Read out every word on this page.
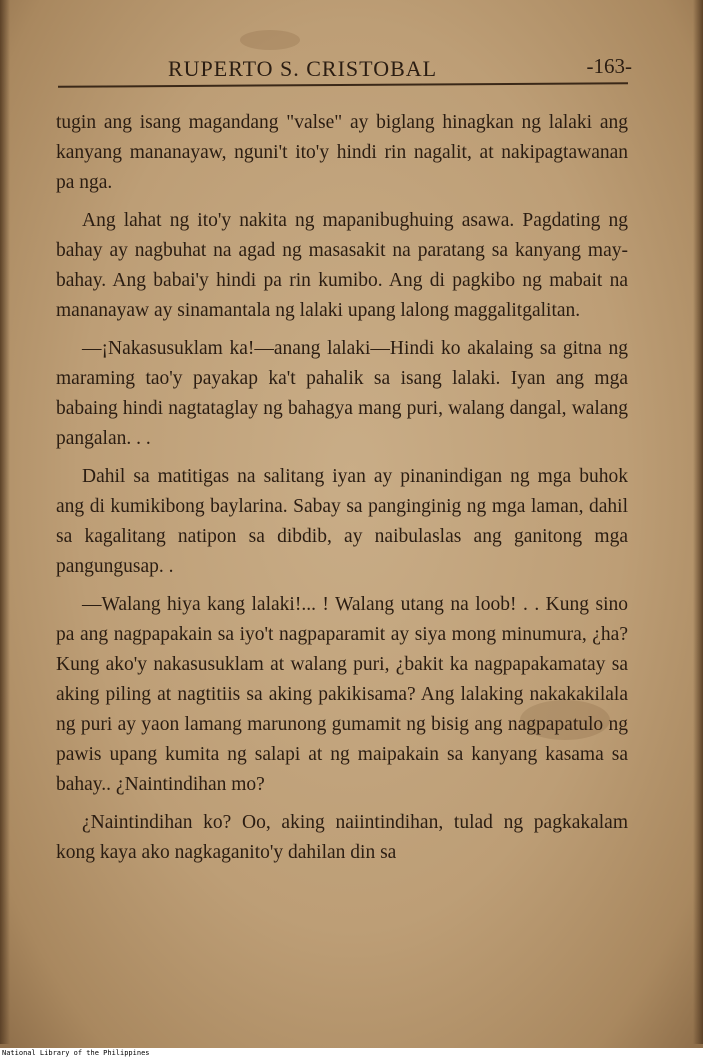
RUPERTO S. CRISTOBAL	-163-

tugin ang isang magandang "valse" ay biglang hinagkan ng lalaki ang kanyang mananayaw, nguni't ito'y hindi rin nagalit, at nakipagtawanan pa nga.

Ang lahat ng ito'y nakita ng mapanibughuing asawa. Pagdating ng bahay ay nagbuhat na agad ng masasakit na paratang sa kanyang may-bahay. Ang babai'y hindi pa rin kumibo. Ang di pagkibo ng mabait na mananayaw ay sinamantala ng lalaki upang lalong maggalitgalitan.

—¡Nakasusuklam ka!—anang lalaki—Hindi ko akalaing sa gitna ng maraming tao'y payakap ka't pahalik sa isang lalaki. Iyan ang mga babaing hindi nagtataglay ng bahagya mang puri, walang dangal, walang pangalan. . .

Dahil sa matitigas na salitang iyan ay pinanindigan ng mga buhok ang di kumikibong baylarina. Sabay sa panginginig ng mga laman, dahil sa kagalitang natipon sa dibdib, ay naibulaslas ang ganitong mga pangungusap. .

—Walang hiya kang lalaki!... ! Walang utang na loob! . . Kung sino pa ang nagpapakain sa iyo't nagpaparamit ay siya mong minumura, ¿ha? Kung ako'y nakasusuklam at walang puri, ¿bakit ka nagpapakamatay sa aking piling at nagtitiis sa aking pakikisama? Ang lalaking nakakakilala ng puri ay yaon lamang marunong gumamit ng bisig ang nagpapatulo ng pawis upang kumita ng salapi at ng maipakain sa kanyang kasama sa bahay.. ¿Naintindihan mo?

¿Naintindihan ko? Oo, aking naiintindihan, tulad ng pagkakalam kong kaya ako nagkaganito'y dahilan din sa

National Library of the Philippines
